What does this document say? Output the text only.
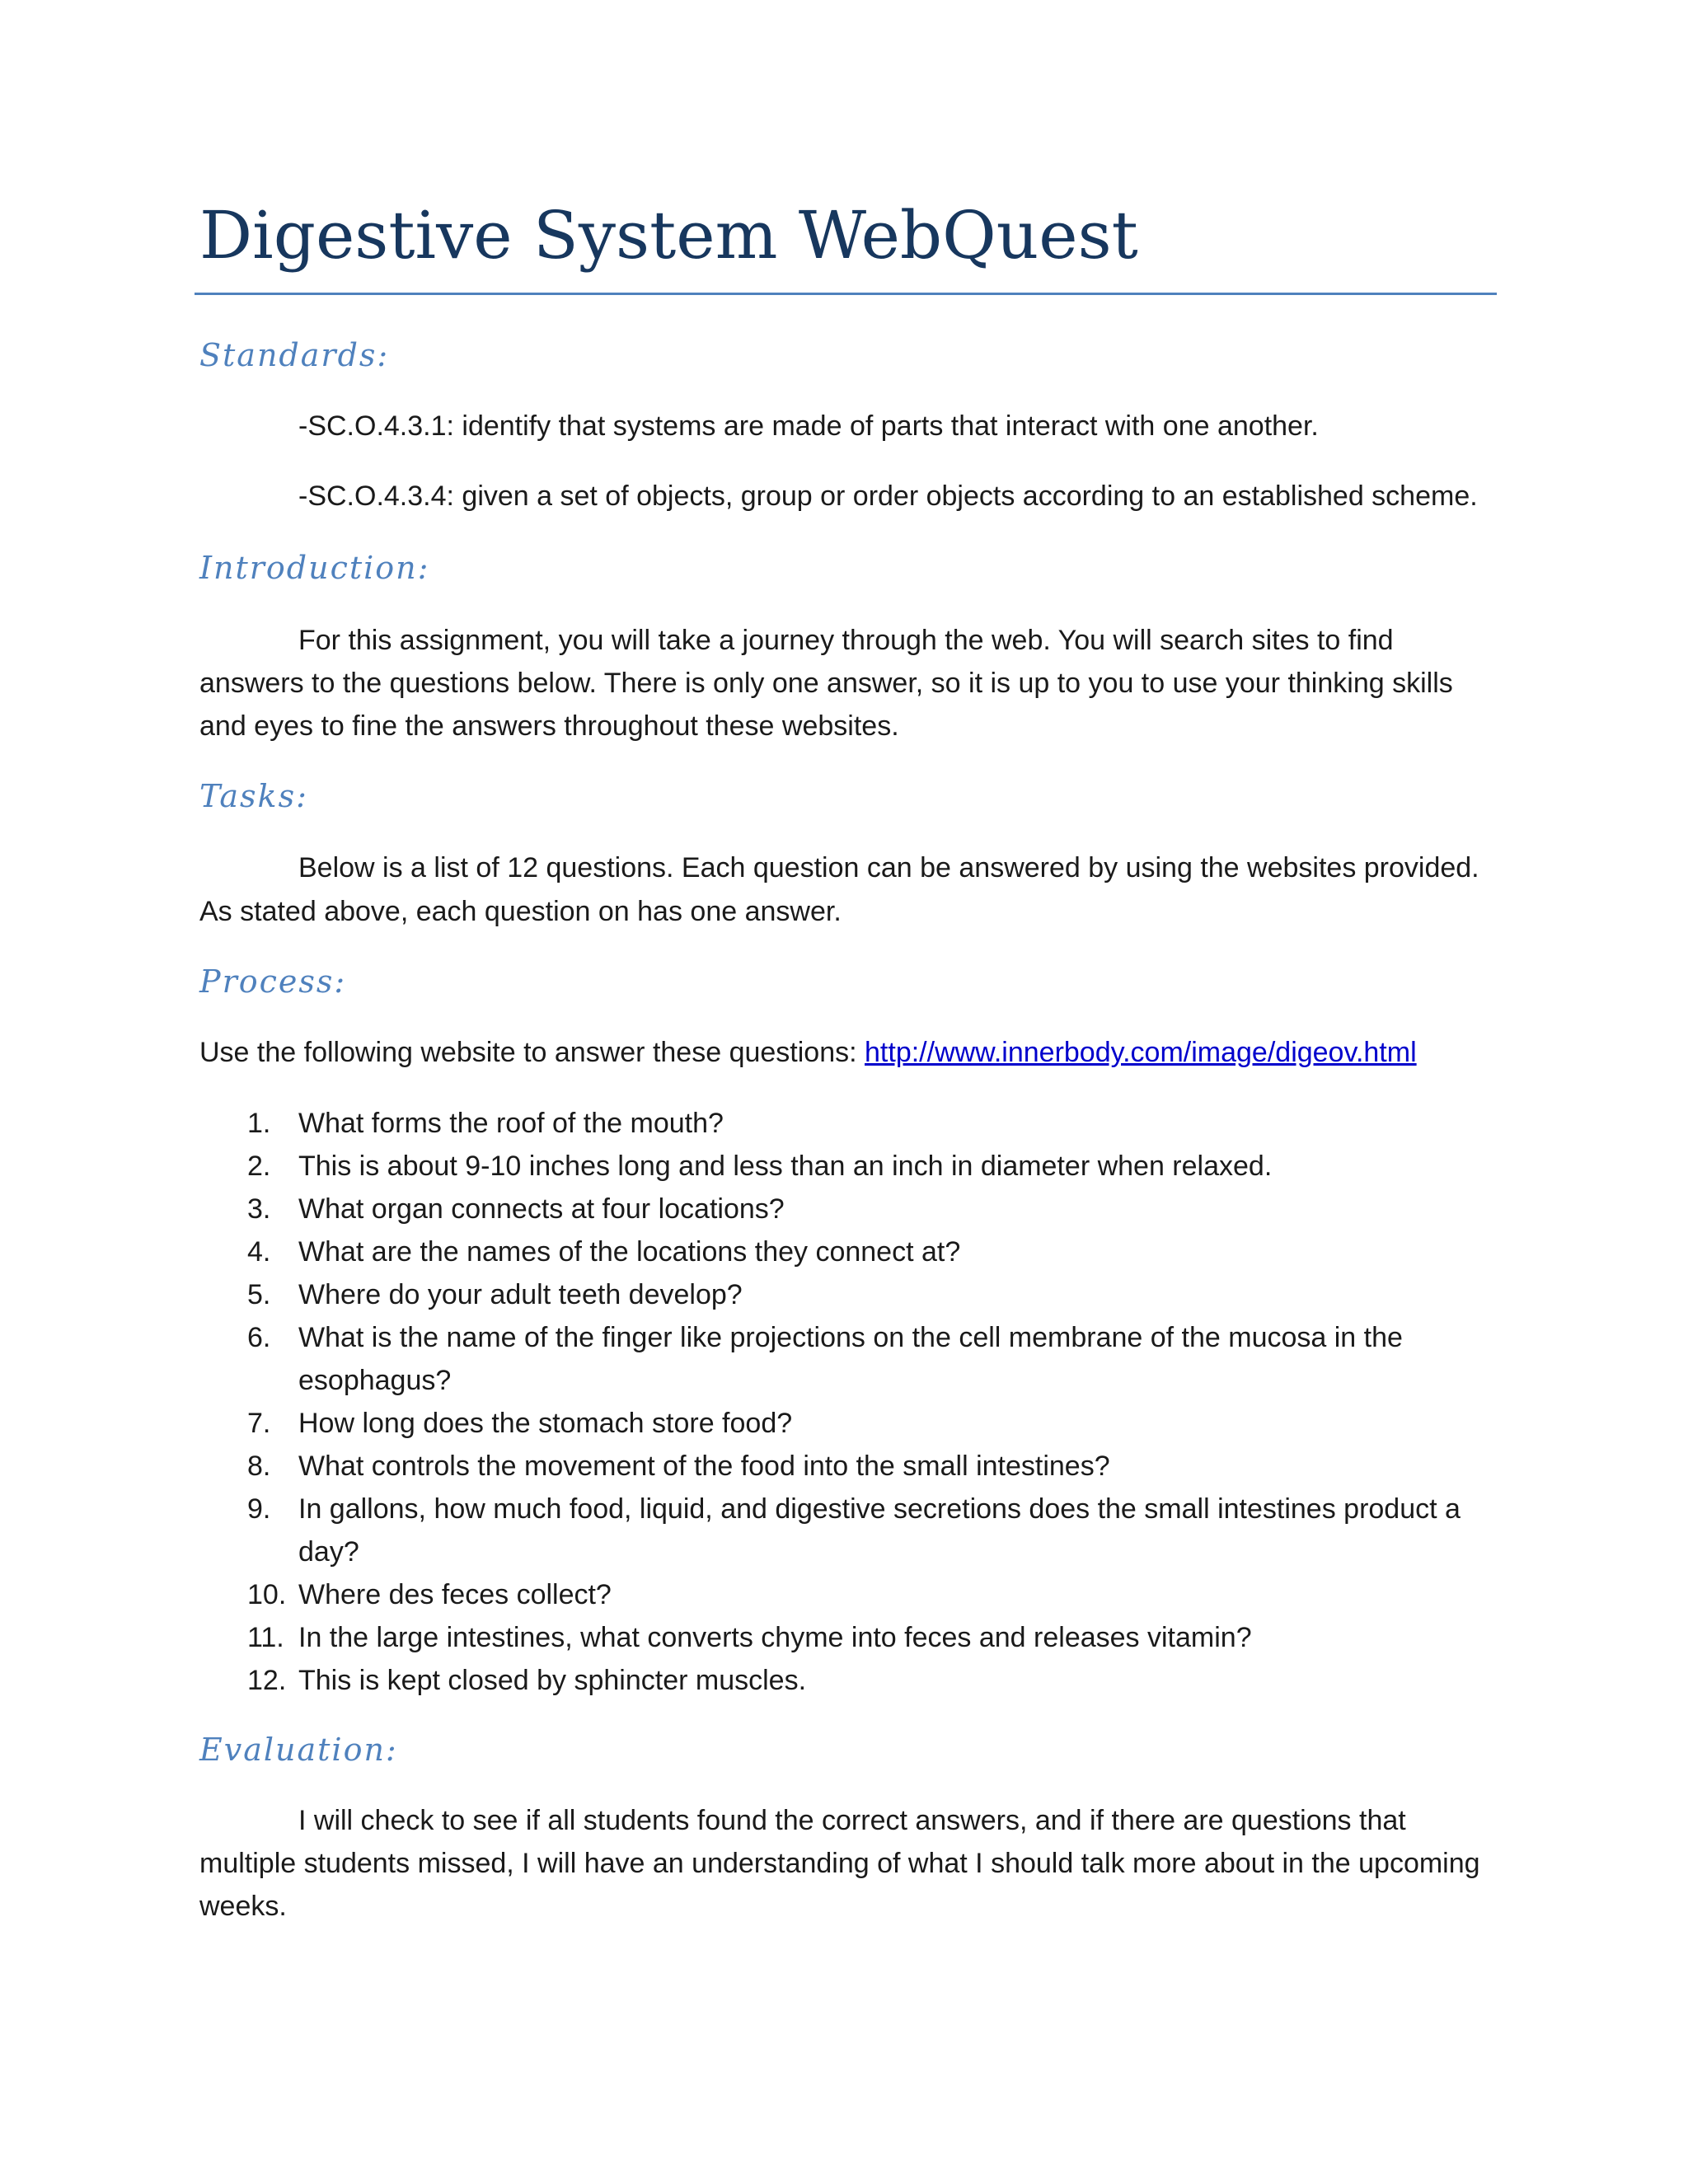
Digestive System WebQuest
Standards:
-SC.O.4.3.1: identify that systems are made of parts that interact with one another.
-SC.O.4.3.4: given a set of objects, group or order objects according to an established scheme.
Introduction:
For this assignment, you will take a journey through the web. You will search sites to find
answers to the questions below. There is only one answer, so it is up to you to use your thinking skills
and eyes to fine the answers throughout these websites.
Tasks:
Below is a list of 12 questions. Each question can be answered by using the websites provided.
As stated above, each question on has one answer.
Process:
Use the following website to answer these questions: http://www.innerbody.com/image/digeov.html
1. What forms the roof of the mouth?
2. This is about 9-10 inches long and less than an inch in diameter when relaxed.
3. What organ connects at four locations?
4. What are the names of the locations they connect at?
5. Where do your adult teeth develop?
6. What is the name of the finger like projections on the cell membrane of the mucosa in the
esophagus?
7. How long does the stomach store food?
8. What controls the movement of the food into the small intestines?
9. In gallons, how much food, liquid, and digestive secretions does the small intestines product a
day?
10. Where des feces collect?
11. In the large intestines, what converts chyme into feces and releases vitamin?
12. This is kept closed by sphincter muscles.
Evaluation:
I will check to see if all students found the correct answers, and if there are questions that
multiple students missed, I will have an understanding of what I should talk more about in the upcoming
weeks.
